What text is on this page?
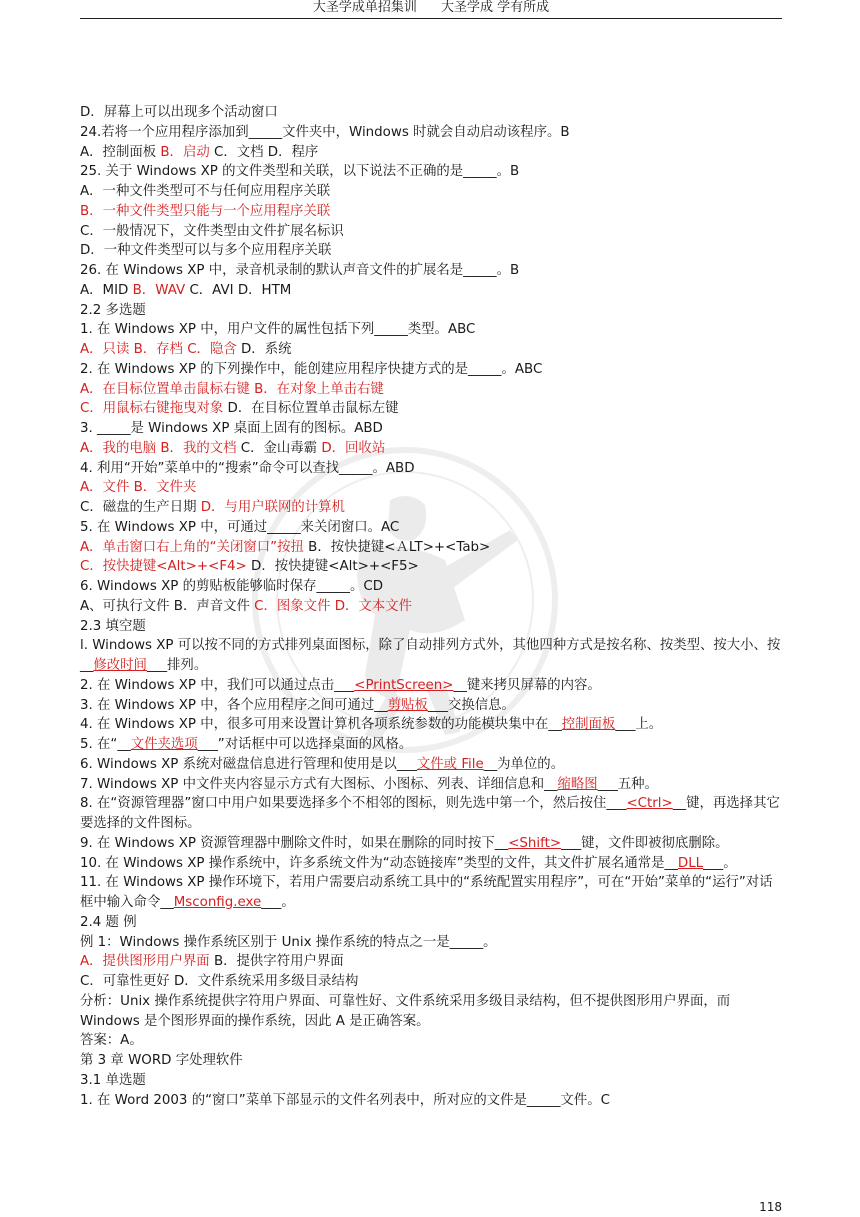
大圣学成单招集训 大圣学成 学有所成
D．屏幕上可以出现多个活动窗口
24.若将一个应用程序添加到_____文件夹中，Windows 时就会自动启动该程序。B
A．控制面板 B．启动 C．文档 D．程序
25. 关于 Windows XP 的文件类型和关联，以下说法不正确的是_____。B
A．一种文件类型可不与任何应用程序关联
B．一种文件类型只能与一个应用程序关联
C．一般情况下，文件类型由文件扩展名标识
D．一种文件类型可以与多个应用程序关联
26. 在 Windows XP 中，录音机录制的默认声音文件的扩展名是_____。B
A．MID B．WAV C．AVI D．HTM
2.2 多选题
1. 在 Windows XP 中，用户文件的属性包括下列_____类型。ABC
A．只读 B．存档 C．隐含 D．系统
2. 在 Windows XP 的下列操作中，能创建应用程序快捷方式的是_____。ABC
A．在目标位置单击鼠标右键 B．在对象上单击右键
C．用鼠标右键拖曳对象 D．在目标位置单击鼠标左键
3. _____是 Windows XP 桌面上固有的图标。ABD
A．我的电脑 B．我的文档 C．金山毒霸 D．回收站
4. 利用“开始”菜单中的“搜索”命令可以查找_____。ABD
A．文件 B．文件夹
C．磁盘的生产日期 D．与用户联网的计算机
5. 在 Windows XP 中，可通过_____来关闭窗口。AC
A．单击窗口右上角的“关闭窗口”按扭 B．按快捷键<ＡLT>+<Tab>
C．按快捷键<Alt>+<F4> D．按快捷键<Alt>+<F5>
6. Windows XP 的剪贴板能够临时保存_____。CD
A、可执行文件 B．声音文件 C．图象文件 D．文本文件
2.3 填空题
l. Windows XP 可以按不同的方式排列桌面图标，除了自动排列方式外，其他四种方式是按名称、按类型、按大小、按__修改时间___排列。
2. 在 Windows XP 中，我们可以通过点击___<PrintScreen>__键来拷贝屏幕的内容。
3. 在 Windows XP 中，各个应用程序之间可通过__剪贴板___交换信息。
4. 在 Windows XP 中，很多可用来设置计算机各项系统参数的功能模块集中在__控制面板___上。
5. 在“__文件夹选项___”对话框中可以选择桌面的风格。
6. Windows XP 系统对磁盘信息进行管理和使用是以___文件或 File__为单位的。
7. Windows XP 中文件夹内容显示方式有大图标、小图标、列表、详细信息和__缩略图___五种。
8. 在“资源管理器”窗口中用户如果要选择多个不相邻的图标，则先选中第一个，然后按住___<Ctrl>__键，再选择其它要选择的文件图标。
9. 在 Windows XP 资源管理器中删除文件时，如果在删除的同时按下__<Shift>___键，文件即被彻底删除。
10. 在 Windows XP 操作系统中，许多系统文件为“动态链接库”类型的文件，其文件扩展名通常是__DLL___。
11. 在 Windows XP 操作环境下，若用户需要启动系统工具中的“系统配置实用程序”，可在“开始”菜单的“运行”对话框中输入命令__Msconfig.exe___。
2.4 题 例
例 1：Windows 操作系统区别于 Unix 操作系统的特点之一是_____。
A．提供图形用户界面 B．提供字符用户界面
C．可靠性更好 D．文件系统采用多级目录结构
分析：Unix 操作系统提供字符用户界面、可靠性好、文件系统采用多级目录结构，但不提供图形用户界面，而 Windows 是个图形界面的操作系统，因此 A 是正确答案。
答案：A。
第 3 章 WORD 字处理软件
3.1 单选题
1. 在 Word 2003 的“窗口”菜单下部显示的文件名列表中，所对应的文件是_____文件。C
118
